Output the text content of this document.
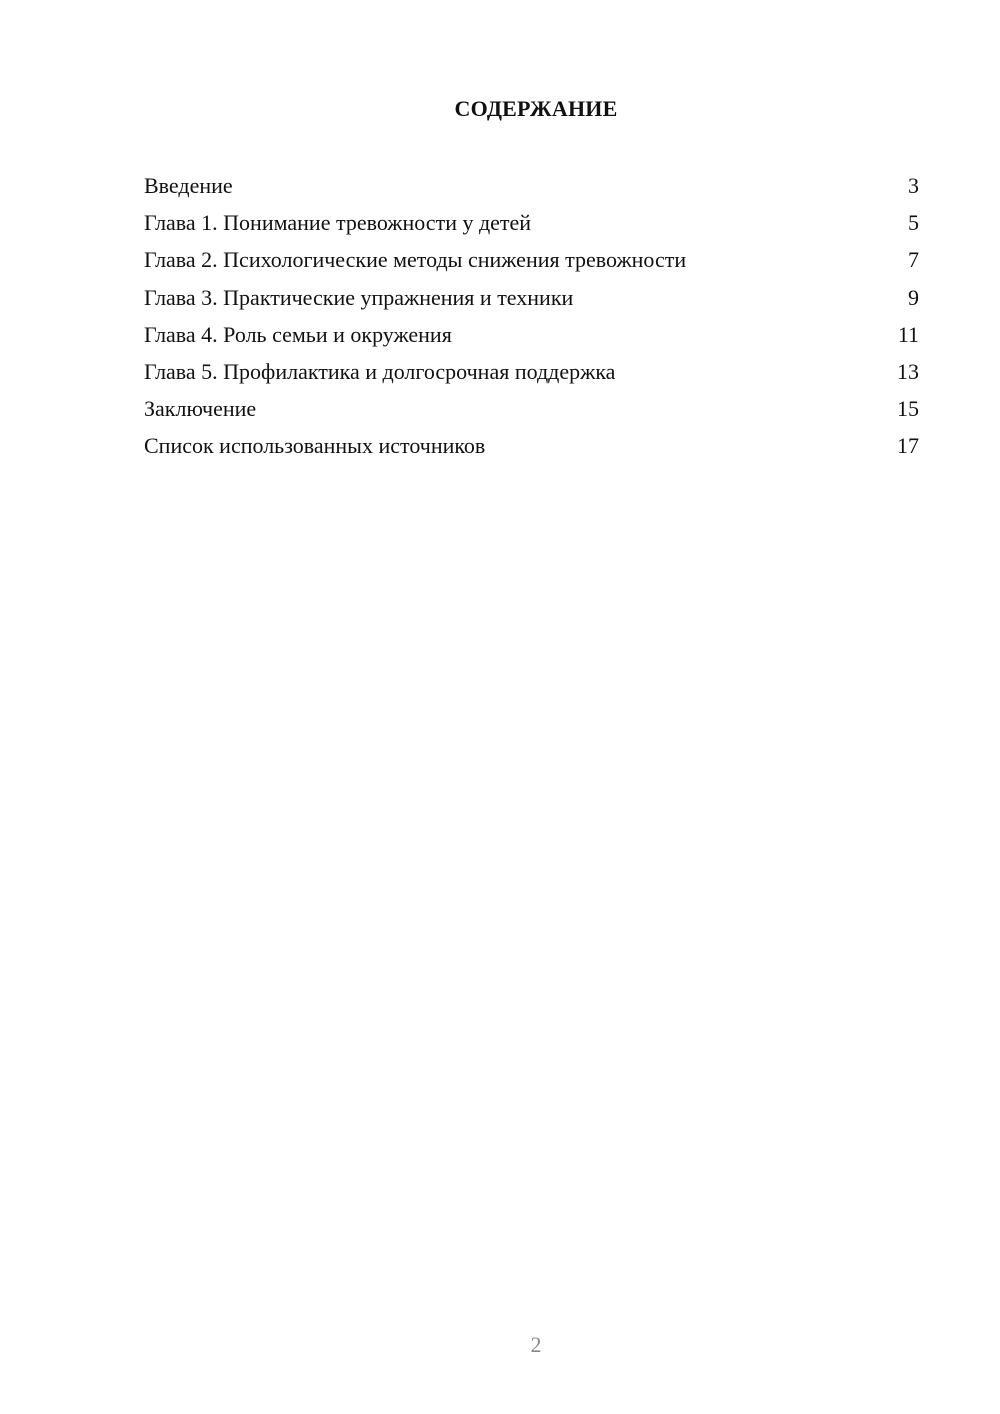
СОДЕРЖАНИЕ
Введение	3
Глава 1. Понимание тревожности у детей	5
Глава 2. Психологические методы снижения тревожности	7
Глава 3. Практические упражнения и техники	9
Глава 4. Роль семьи и окружения	11
Глава 5. Профилактика и долгосрочная поддержка	13
Заключение	15
Список использованных источников	17
2
